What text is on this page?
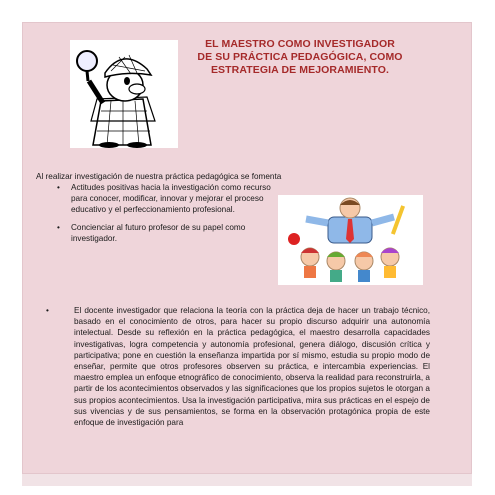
EL MAESTRO COMO INVESTIGADOR
DE SU PRÁCTICA PEDAGÓGICA, COMO
ESTRATEGIA DE MEJORAMIENTO.
Al realizar investigación de nuestra práctica pedagógica se fomenta
• Actitudes positivas hacia la investigación como recurso para conocer, modificar, innovar y mejorar el proceso educativo y el perfeccionamiento profesional.
• Concienciar al futuro profesor de su papel como investigador.
•	El docente investigador que relaciona la teoría con la práctica deja de hacer un trabajo técnico, basado en el conocimiento de otros, para hacer su propio discurso adquirir una autonomía intelectual. Desde su reflexión en la práctica pedagógica, el maestro desarrolla capacidades investigativas, logra competencia y autonomía profesional, genera diálogo, discusión crítica y participativa; pone en cuestión la enseñanza impartida por sí mismo, estudia su propio modo de enseñar, permite que otros profesores observen su práctica, e intercambia experiencias. El maestro emplea un enfoque etnográfico de conocimiento, observa la realidad para reconstruirla, a partir de los acontecimientos observados y las significaciones que los propios sujetos le otorgan a sus propios acontecimientos. Usa la investigación participativa, mira sus prácticas en el espejo de sus vivencias y de sus pensamientos, se forma en la observación protagónica propia de este enfoque de investigación para
